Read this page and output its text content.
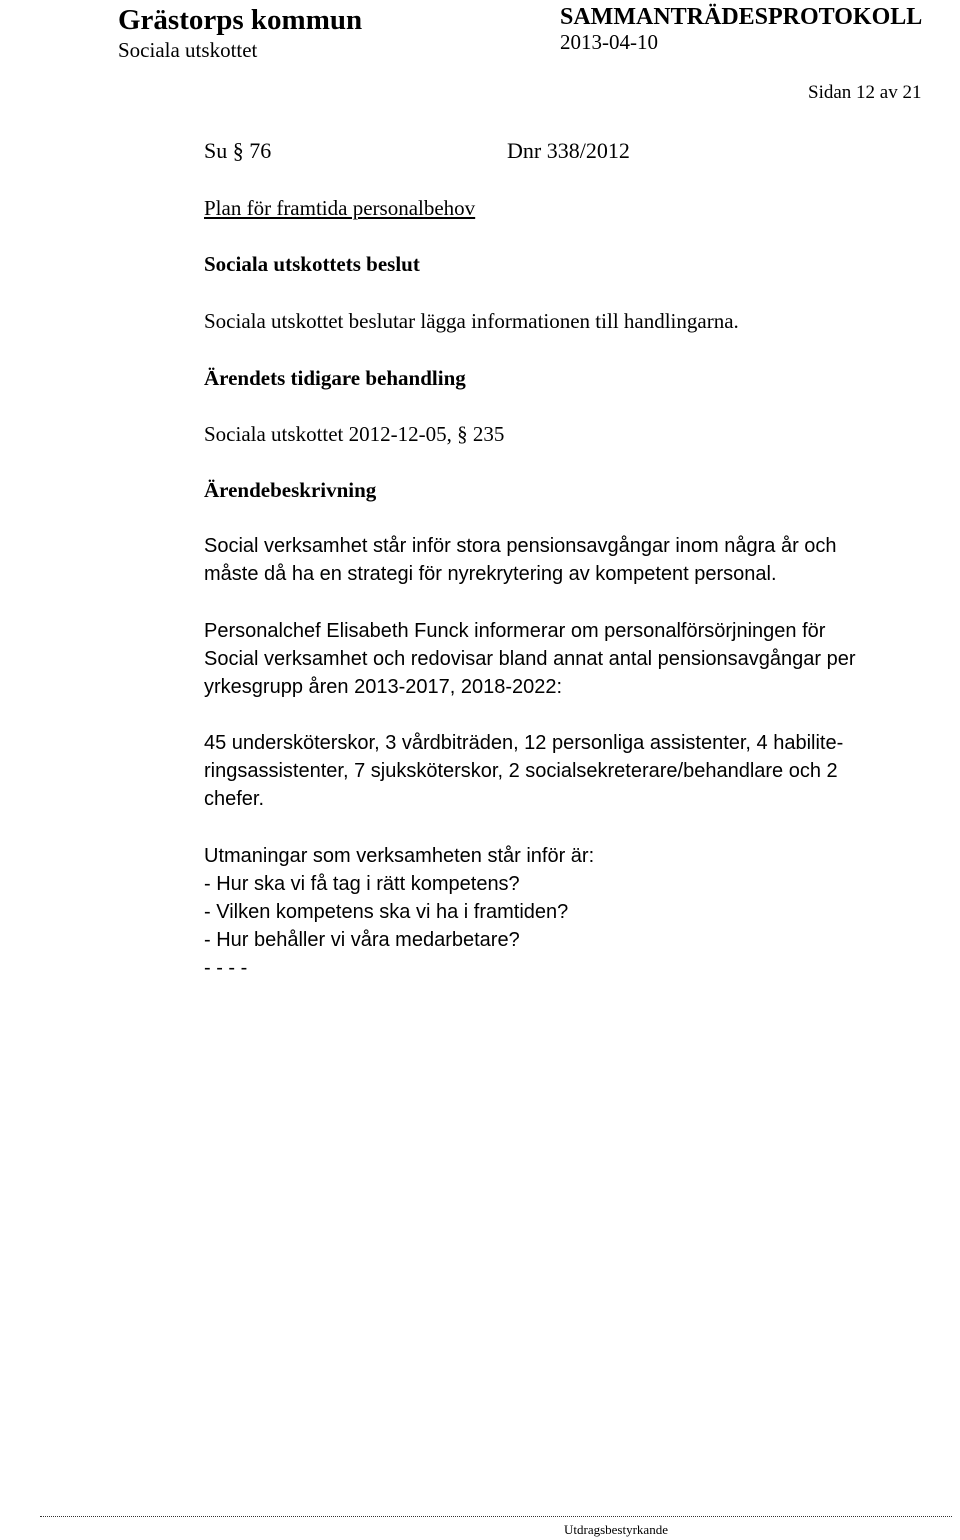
Grästorps kommun
Sociala utskottet
SAMMANTRÄDESPROTOKOLL
2013-04-10
Sidan 12 av 21
Su § 76	Dnr 338/2012
Plan för framtida personalbehov
Sociala utskottets beslut
Sociala utskottet beslutar lägga informationen till handlingarna.
Ärendets tidigare behandling
Sociala utskottet 2012-12-05, § 235
Ärendebeskrivning
Social verksamhet står inför stora pensionsavgångar inom några år och
måste då ha en strategi för nyrekrytering av kompetent personal.
Personalchef Elisabeth Funck informerar om personalförsörjningen för
Social verksamhet och redovisar bland annat antal pensionsavgångar per
yrkesgrupp åren 2013-2017, 2018-2022:
45 undersköterskor, 3 vårdbiträden, 12 personliga assistenter, 4 habilite-
ringsassistenter, 7 sjuksköterskor, 2 socialsekreterare/behandlare och 2
chefer.
Utmaningar som verksamheten står inför är:
- Hur ska vi få tag i rätt kompetens?
- Vilken kompetens ska vi ha i framtiden?
- Hur behåller vi våra medarbetare?
- - - -
Utdragsbestyrkande
